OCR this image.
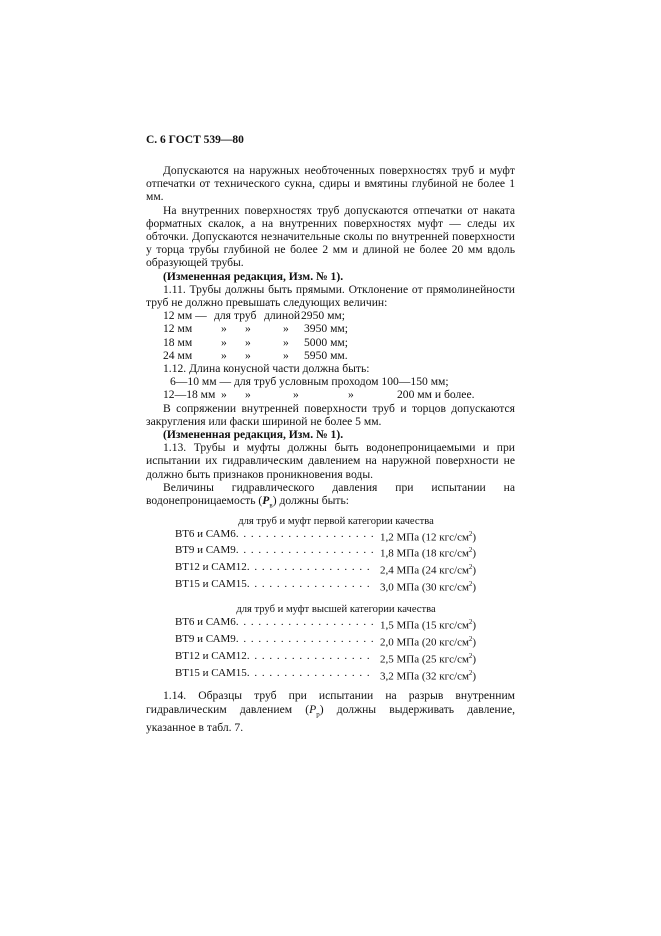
С. 6 ГОСТ 539—80

Допускаются на наружных необточенных поверхностях труб и муфт отпечатки от технического сукна, сдиры и вмятины глубиной не более 1 мм.

На внутренних поверхностях труб допускаются отпечатки от наката форматных скалок, а на внутренних поверхностях муфт — следы их обточки. Допускаются незначительные сколы по внутренней поверхности у торца трубы глубиной не более 2 мм и длиной не более 20 мм вдоль образующей трубы.

(Измененная редакция, Изм. № 1).

1.11. Трубы должны быть прямыми. Отклонение от прямолинейности труб не должно превышать следующих величин:

12 мм — для труб длиной 2950 мм;
12 мм	»	»	»	3950 мм;
18 мм	»	»	»	5000 мм;
24 мм	»	»	»	5950 мм.

1.12. Длина конусной части должна быть:

6—10 мм — для труб условным проходом 100—150 мм;

12—18 мм »	»	»	»	200 мм и более.

В сопряжении внутренней поверхности труб и торцов допускаются закругления или фаски шириной не более 5 мм.

(Измененная редакция, Изм. № 1).

1.13. Трубы и муфты должны быть водонепроницаемыми и при испытании их гидравлическим давлением на наружной поверхности не должно быть признаков проникновения воды.

Величины гидравлического давления при испытании на водонепроницаемость $(P_в)$ должны быть:

для труб и муфт первой категории качества
ВТ6 и САМ6 . . .	1,2 МПа (12 кгс/$см^2$)
ВТ9 и САМ9 . . .	1,8 МПа (18 кгс/$см^2$)
ВТ12 и САМ12 . . .	2,4 МПа (24 кгс/$см^2$)
ВТ15 и САМ15 . . .	3,0 МПа (30 кгс/$см^2$)
для труб и муфт высшей категории качества
ВТ6 и САМ6 . . .	1,5 МПа (15 кгс/$см^2$)
ВТ9 и САМ9 . . .	2,0 МПа (20 кгс/$см^2$)
ВТ12 и САМ12 . . .	2,5 МПа (25 кгс/$см^2$)
ВТ15 и САМ15 . . .	3,2 МПа (32 кгс/$см^2$)

1.14. Образцы труб при испытании на разрыв внутренним гидравлическим давлением $(P_p)$ должны выдерживать давление, указанное в табл. 7.
